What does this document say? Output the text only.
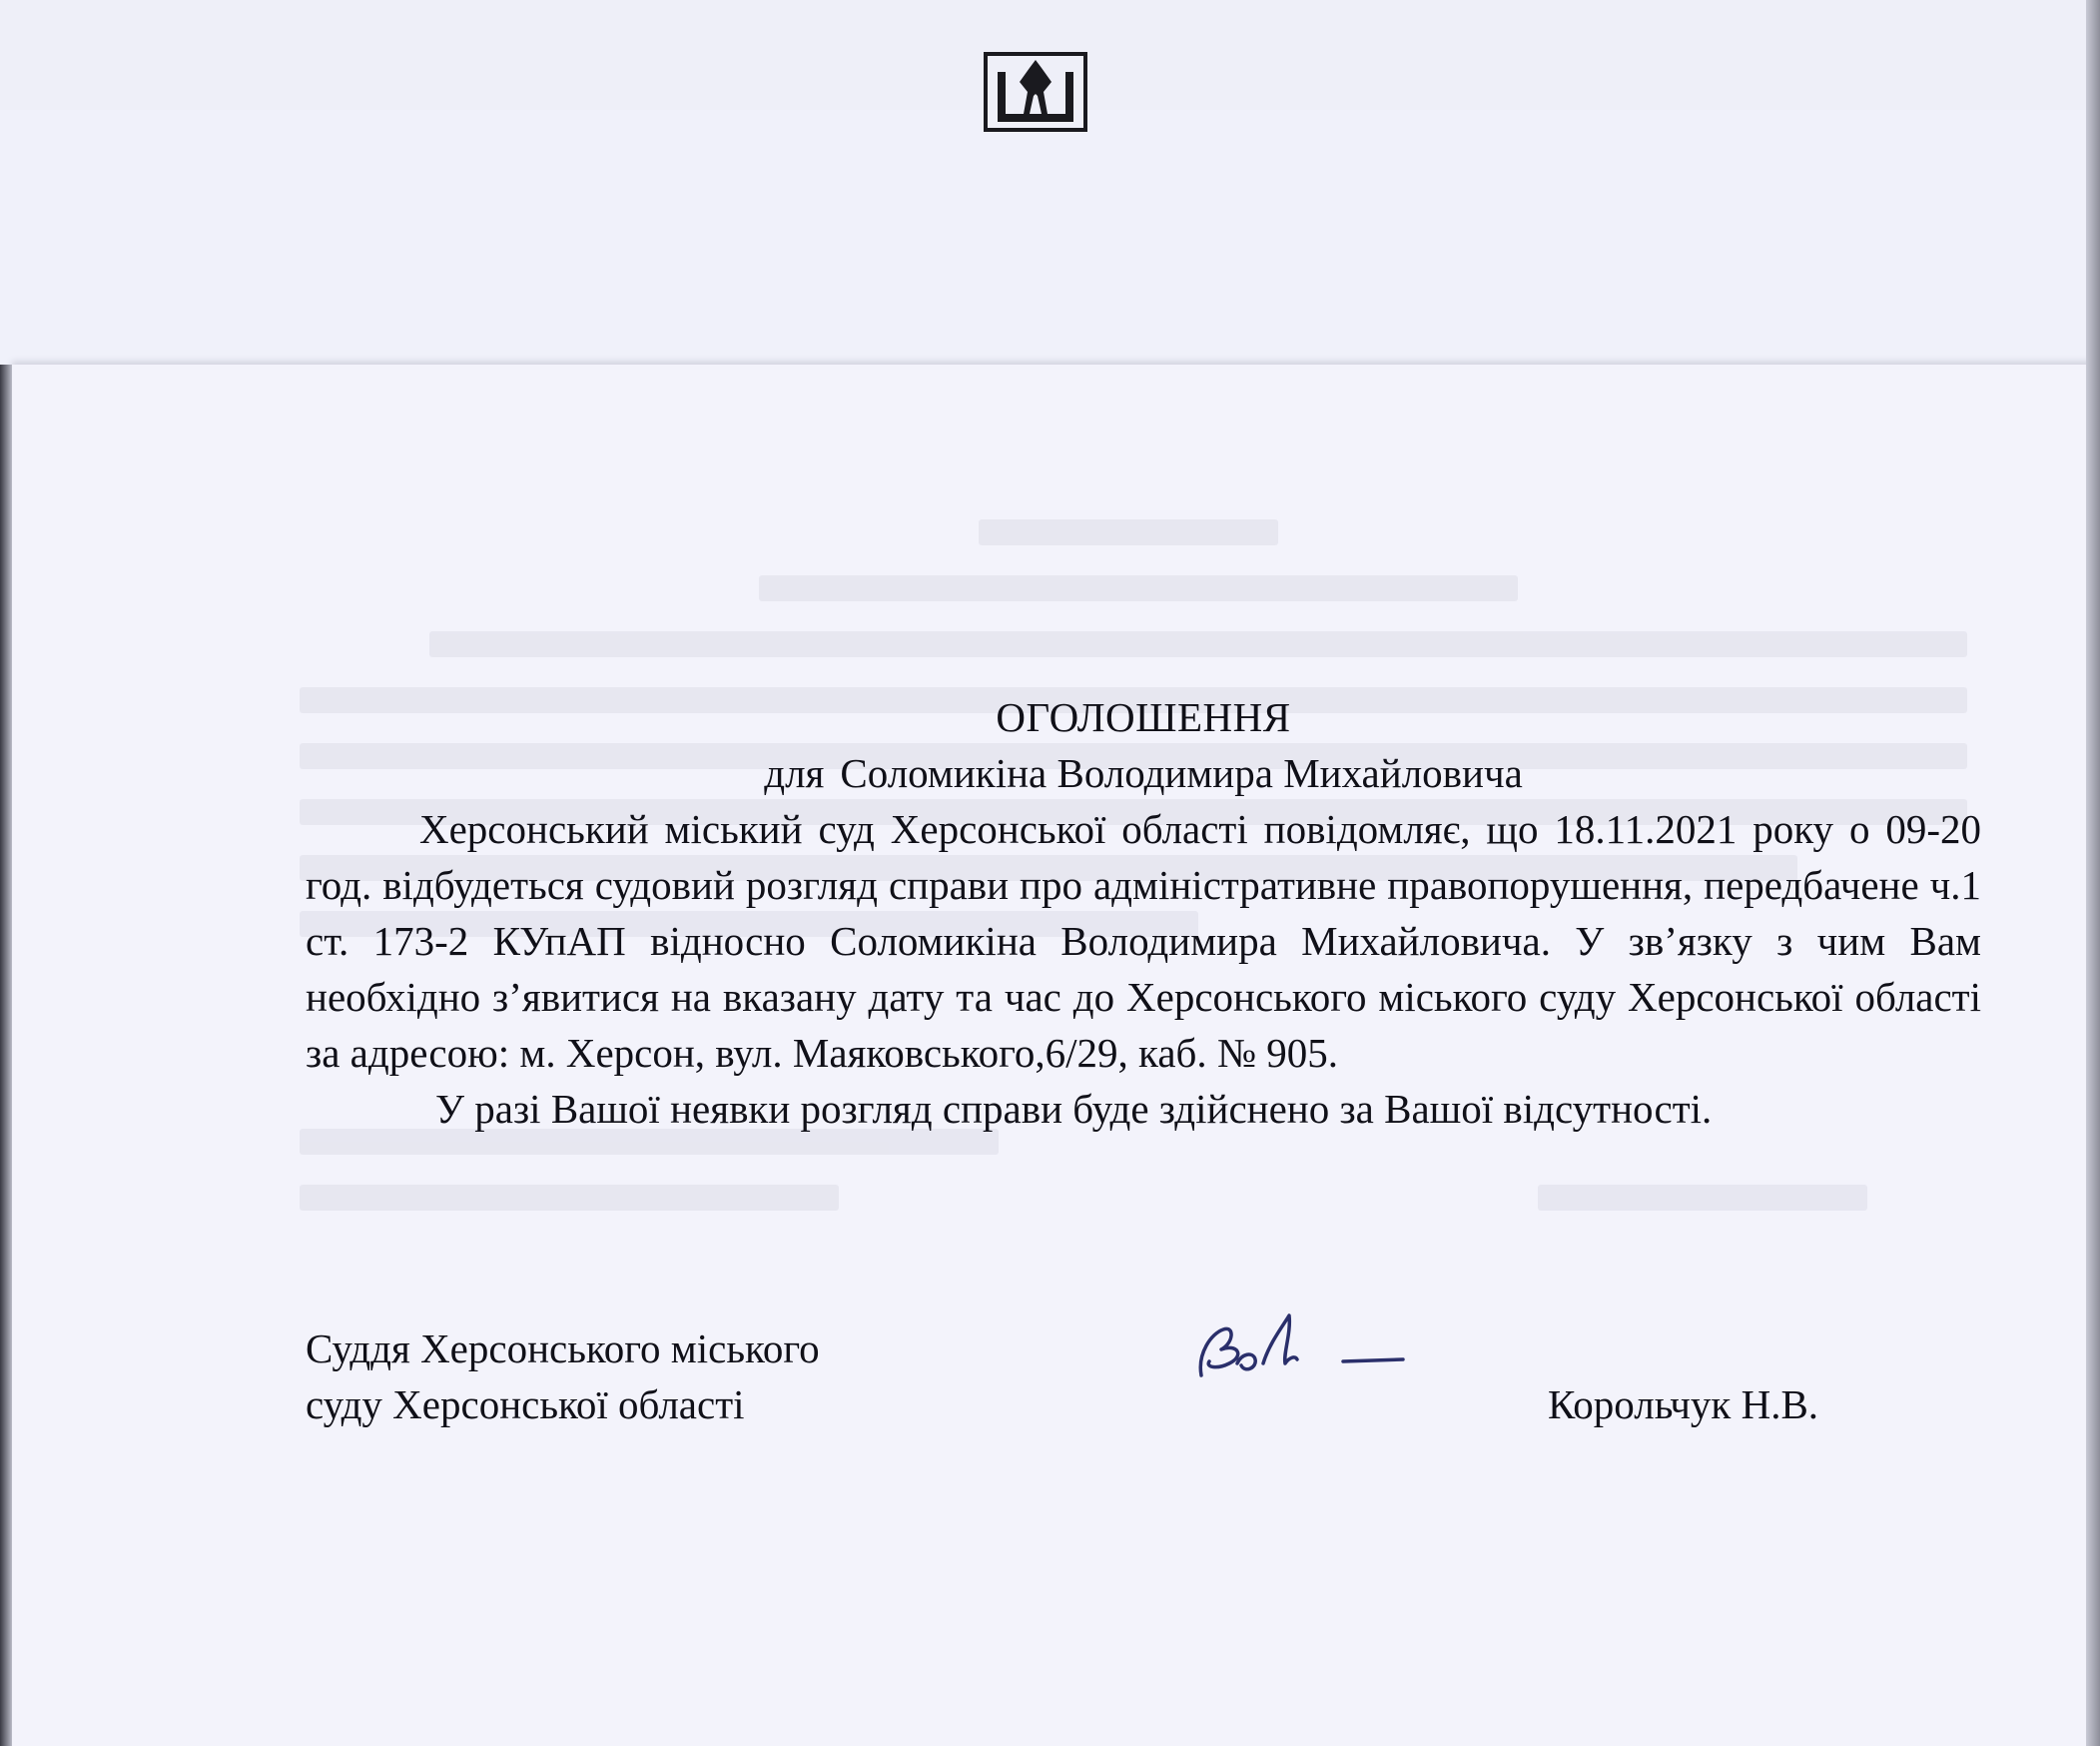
ОГОЛОШЕННЯ

для Соломикіна Володимира Михайловича

Херсонський міський суд Херсонської області повідомляє, що 18.11.2021 року о 09-20 год. відбудеться судовий розгляд справи про адміністративне правопорушення, передбачене ч.1 ст. 173-2 КУпАП відносно Соломикіна Володимира Михайловича. У зв’язку з чим Вам необхідно з’явитися на вказану дату та час до Херсонського міського суду Херсонської області за адресою: м. Херсон, вул. Маяковського,6/29, каб. № 905.

У разі Вашої неявки розгляд справи буде здійснено за Вашої відсутності.

Суддя Херсонського міського
суду Херсонської області	Корольчук Н.В.
